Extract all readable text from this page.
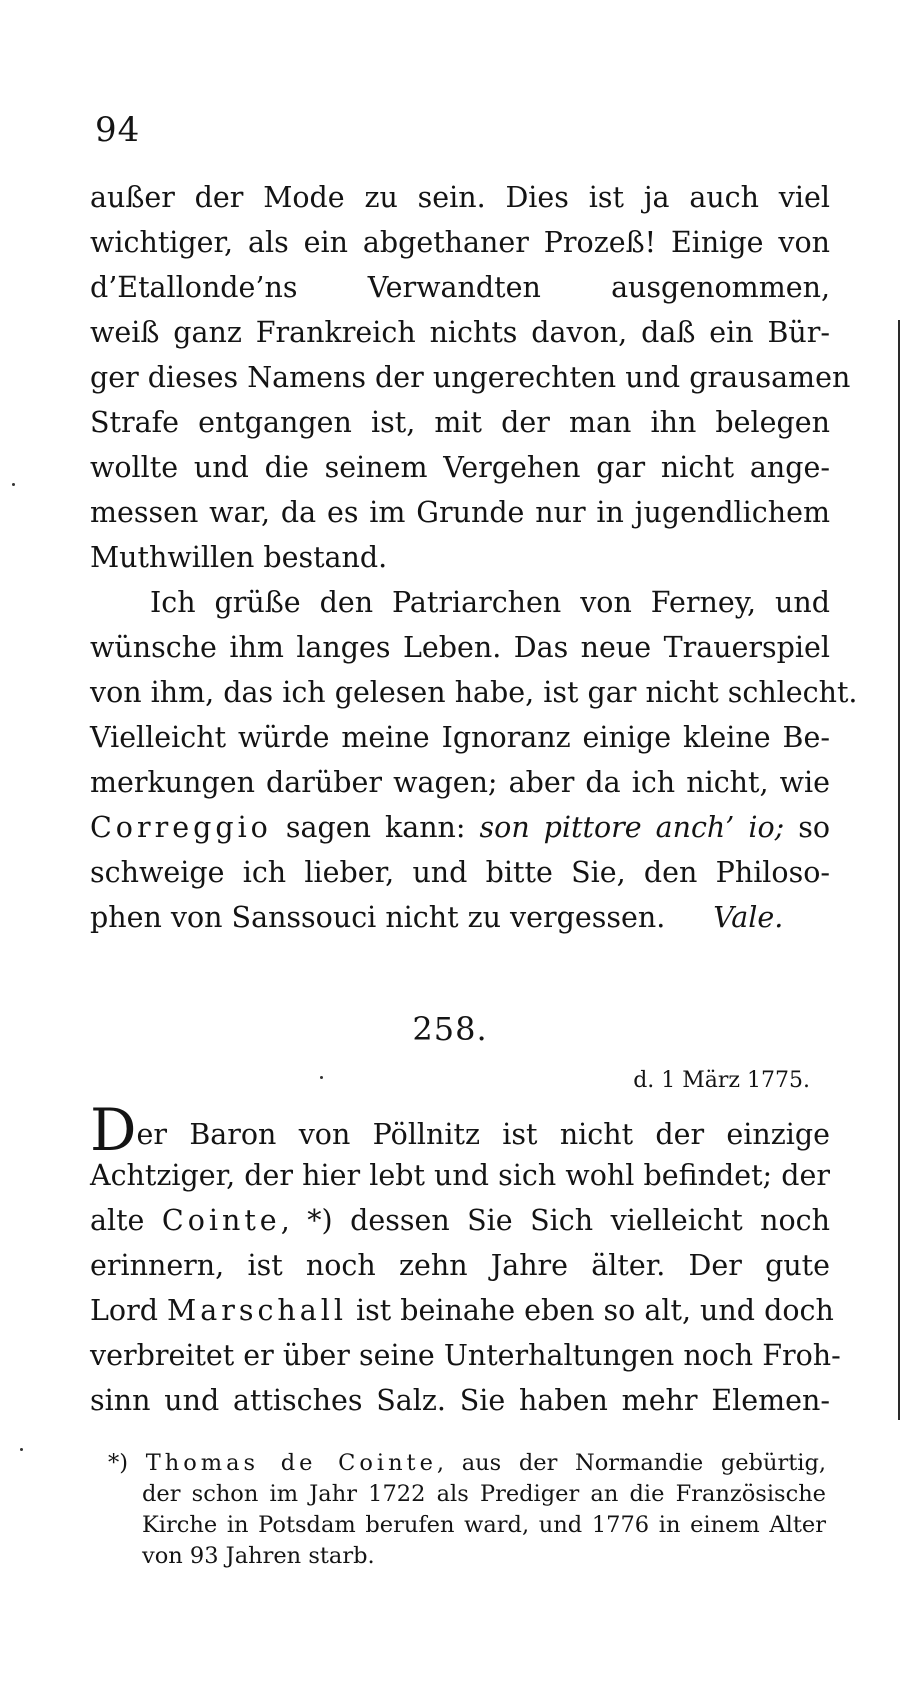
94
außer der Mode zu sein. Dies ist ja auch viel
wichtiger, als ein abgethaner Prozeß! Einige von
d’Etallonde’ns Verwandten ausgenommen,
weiß ganz Frankreich nichts davon, daß ein Bür-
ger dieses Namens der ungerechten und grausamen
Strafe entgangen ist, mit der man ihn belegen
wollte und die seinem Vergehen gar nicht ange-
messen war, da es im Grunde nur in jugendlichem
Muthwillen bestand.
Ich grüße den Patriarchen von Ferney, und
wünsche ihm langes Leben. Das neue Trauerspiel
von ihm, das ich gelesen habe, ist gar nicht schlecht.
Vielleicht würde meine Ignoranz einige kleine Be-
merkungen darüber wagen; aber da ich nicht, wie
Correggio sagen kann: son pittore anch’ io; so
schweige ich lieber, und bitte Sie, den Philoso-
phen von Sanssouci nicht zu vergessen. Vale.
258.
d. 1 März 1775.
Der Baron von Pöllnitz ist nicht der einzige
Achtziger, der hier lebt und sich wohl befindet; der
alte Cointe, *) dessen Sie Sich vielleicht noch
erinnern, ist noch zehn Jahre älter. Der gute
Lord Marschall ist beinahe eben so alt, und doch
verbreitet er über seine Unterhaltungen noch Froh-
sinn und attisches Salz. Sie haben mehr Elemen-
*) Thomas de Cointe, aus der Normandie gebürtig,
der schon im Jahr 1722 als Prediger an die Französische
Kirche in Potsdam berufen ward, und 1776 in einem Alter
von 93 Jahren starb.
